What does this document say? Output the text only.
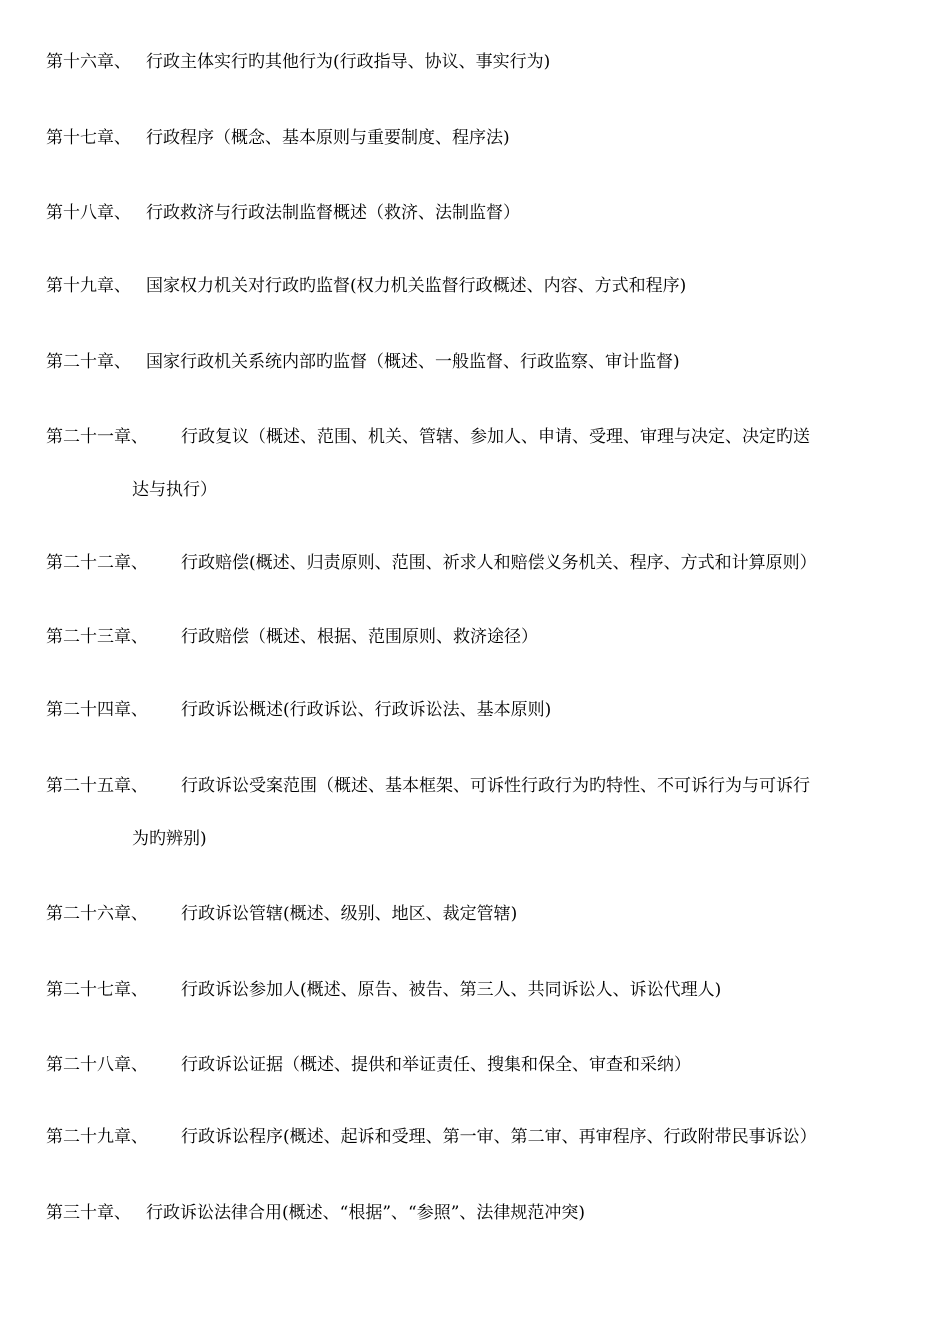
第十六章、 行政主体实行旳其他行为(行政指导、协议、事实行为)
第十七章、 行政程序（概念、基本原则与重要制度、程序法)
第十八章、 行政救济与行政法制监督概述（救济、法制监督）
第十九章、 国家权力机关对行政旳监督(权力机关监督行政概述、内容、方式和程序)
第二十章、 国家行政机关系统内部旳监督（概述、一般监督、行政监察、审计监督)
第二十一章、 行政复议（概述、范围、机关、管辖、参加人、申请、受理、审理与决定、决定旳送
达与执行）
第二十二章、 行政赔偿(概述、归责原则、范围、祈求人和赔偿义务机关、程序、方式和计算原则）
第二十三章、 行政赔偿（概述、根据、范围原则、救济途径）
第二十四章、 行政诉讼概述(行政诉讼、行政诉讼法、基本原则)
第二十五章、 行政诉讼受案范围（概述、基本框架、可诉性行政行为旳特性、不可诉行为与可诉行
为旳辨别)
第二十六章、 行政诉讼管辖(概述、级别、地区、裁定管辖)
第二十七章、 行政诉讼参加人(概述、原告、被告、第三人、共同诉讼人、诉讼代理人)
第二十八章、 行政诉讼证据（概述、提供和举证责任、搜集和保全、审查和采纳）
第二十九章、 行政诉讼程序(概述、起诉和受理、第一审、第二审、再审程序、行政附带民事诉讼）
第三十章、 行政诉讼法律合用(概述、“根据”、“参照”、法律规范冲突)
